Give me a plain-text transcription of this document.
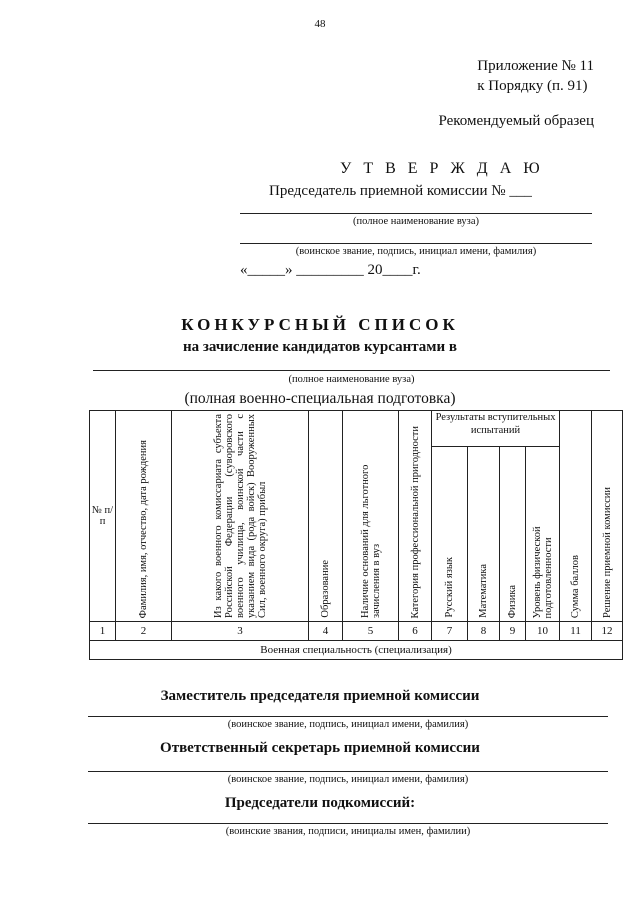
48
Приложение № 11
к Порядку (п. 91)
Рекомендуемый образец
У Т В Е Р Ж Д А Ю
Председатель приемной комиссии № ___
(полное наименование вуза)
(воинское звание, подпись, инициал имени, фамилия)
«_____» _________ 20____г.
КОНКУРСНЫЙ СПИСОК
на зачисление кандидатов курсантами в
(полное наименование вуза)
(полная военно-специальная подготовка)
№ п/п	Фамилия, имя, отчество, дата рождения	Из какого военного комиссариата субъекта Российской Федерации (суворовского военного училища, воинской части с указанием вида (рода войск) Вооруженных Сил, военного округа) прибыл	Образование	Наличие оснований для льготного зачисления в вуз	Категория профессиональной пригодности	Результаты вступительных испытаний				Сумма баллов	Решение приемной комиссии

						Русский язык	Математика	Физика	Уровень физической подготовленности		

1	2	3	4	5	6	7	8	9	10	11	12
Военная специальность (специализация)											
Заместитель председателя приемной комиссии
(воинское звание, подпись, инициал имени, фамилия)
Ответственный секретарь приемной комиссии
(воинское звание, подпись, инициал имени, фамилия)
Председатели подкомиссий:
(воинские звания, подписи, инициалы имен, фамилии)
